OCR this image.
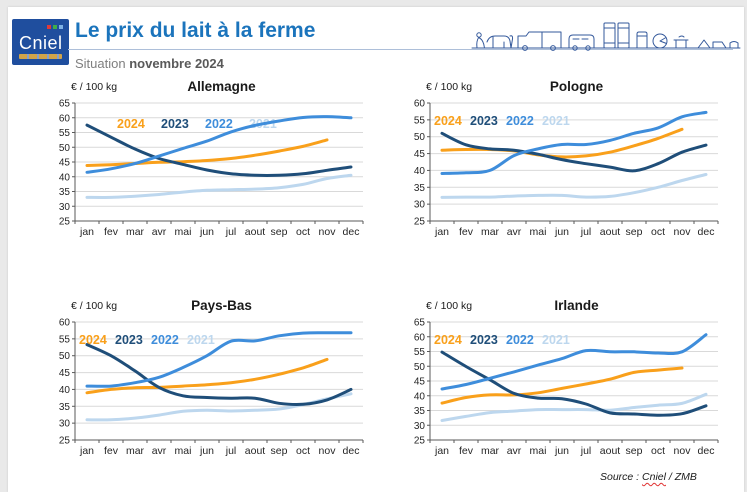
Cniel
Le prix du lait à la ferme
Situation novembre 2024
€ / 100 kg	Allemagne
25
30
35
40
45
50
55
60
65
jan fev mar avr mai jun jul aout sep oct nov dec
2024 2023 2022 2021
€ / 100 kg	Pologne
25
30
35
40
45
50
55
60
jan fev mar avr mai jun jul aout sep oct nov dec
2024 2023 2022 2021
€ / 100 kg	Pays-Bas
25
30
35
40
45
50
55
60
jan fev mar avr mai jun jul aout sep oct nov dec
2024 2023 2022 2021
€ / 100 kg	Irlande
25
30
35
40
45
50
55
60
65
jan fev mar avr mai jun jul aout sep oct nov dec
2024 2023 2022 2021
Source : Cniel / ZMB
